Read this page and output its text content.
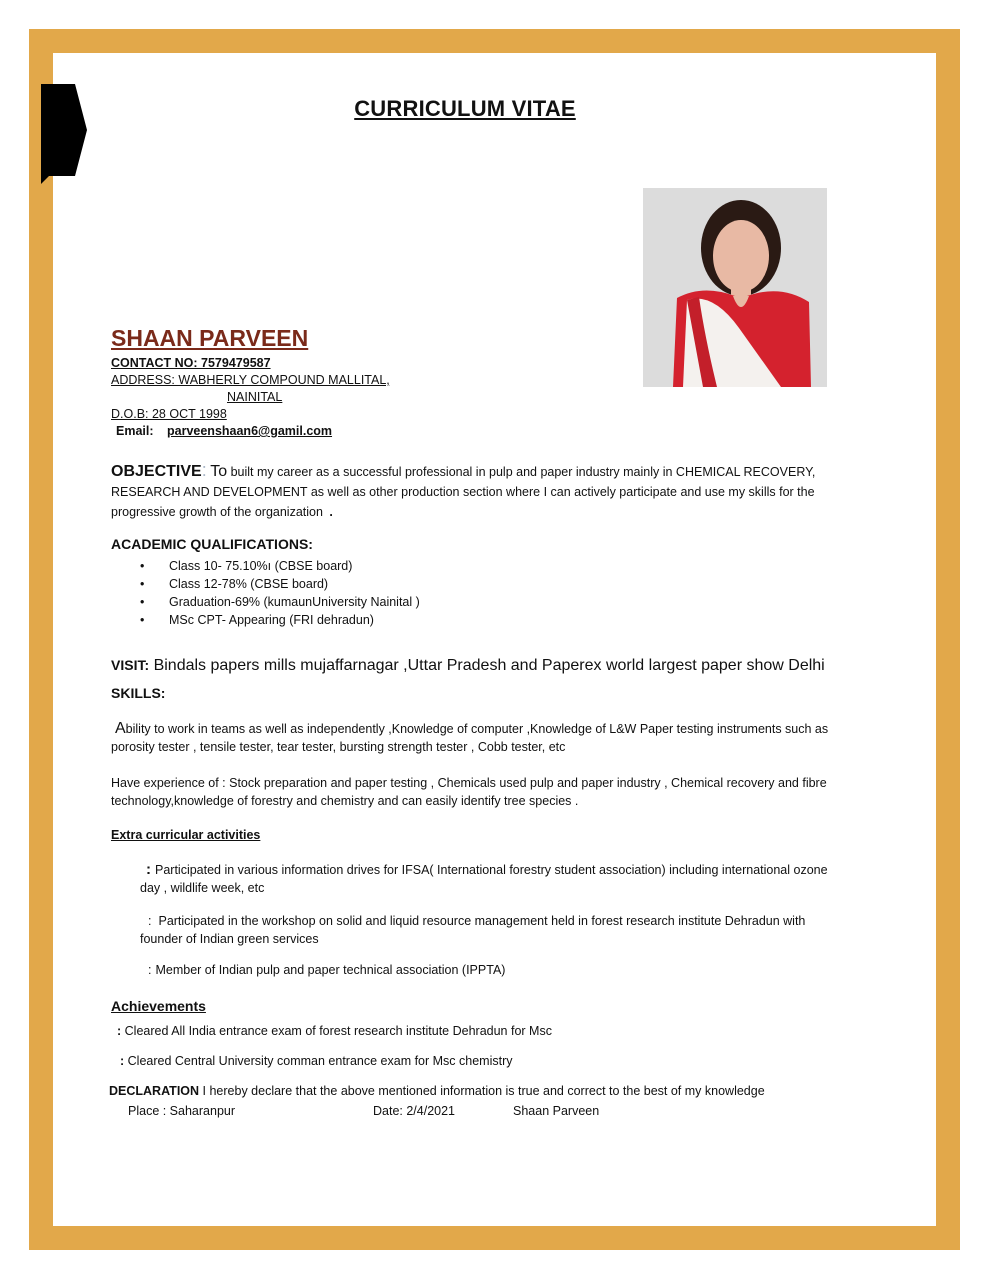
CURRICULUM VITAE
SHAAN PARVEEN
CONTACT NO: 7579479587
ADDRESS: WABHERLY COMPOUND MALLITAL,
NAINITAL
D.O.B: 28 OCT 1998
Email: parveenshaan6@gamil.com
OBJECTIVE: To built my career as a successful professional in pulp and paper industry mainly in CHEMICAL RECOVERY,
RESEARCH AND DEVELOPMENT as well as other production section where I can actively participate and use my skills for the
progressive growth of the organization .
ACADEMIC QUALIFICATIONS:
• Class 10- 75.10%ı (CBSE board)
• Class 12-78% (CBSE board)
• Graduation-69% (kumaunUniversity Nainital )
• MSc CPT- Appearing (FRI dehradun)
VISIT: Bindals papers mills mujaffarnagar ,Uttar Pradesh and Paperex world largest paper show Delhi
SKILLS:
Ability to work in teams as well as independently ,Knowledge of computer ,Knowledge of L&W Paper testing instruments such as
porosity tester , tensile tester, tear tester, bursting strength tester , Cobb tester, etc
Have experience of : Stock preparation and paper testing , Chemicals used pulp and paper industry , Chemical recovery and fibre
technology,knowledge of forestry and chemistry and can easily identify tree species .
Extra curricular activities
: Participated in various information drives for IFSA( International forestry student association) including international ozone
day , wildlife week, etc
: Participated in the workshop on solid and liquid resource management held in forest research institute Dehradun with
founder of Indian green services
: Member of Indian pulp and paper technical association (IPPTA)
Achievements
: Cleared All India entrance exam of forest research institute Dehradun for Msc
: Cleared Central University comman entrance exam for Msc chemistry
DECLARATION I hereby declare that the above mentioned information is true and correct to the best of my knowledge
Place : Saharanpur	Date: 2/4/2021	Shaan Parveen
